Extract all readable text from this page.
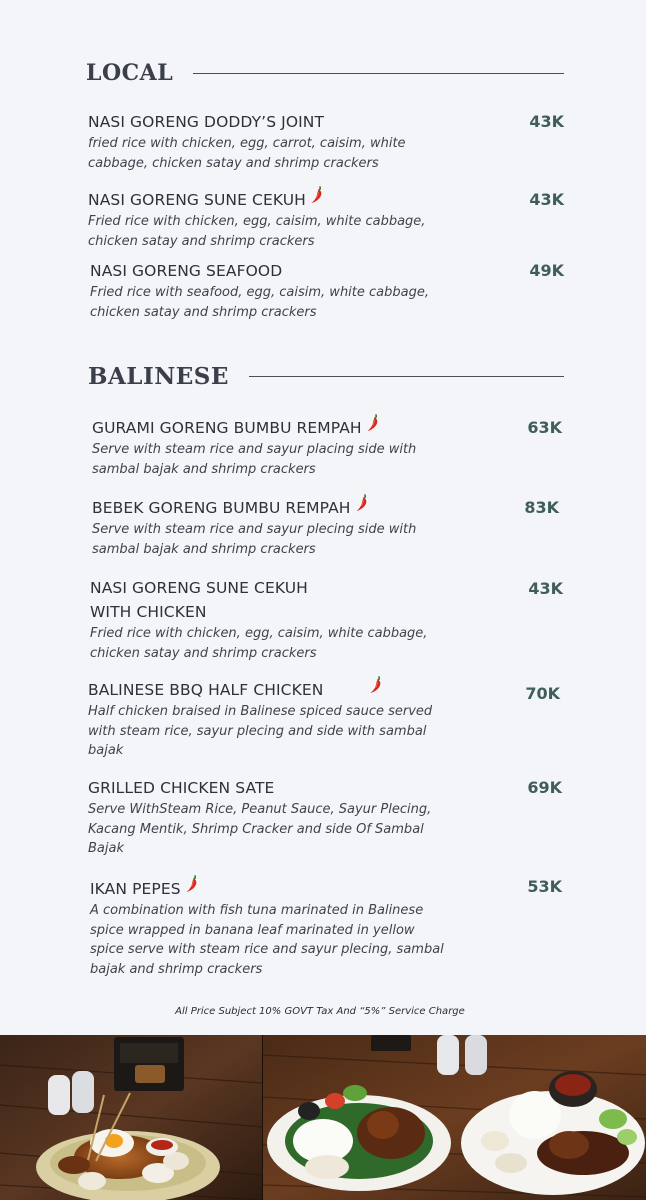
LOCAL
NASI GORENG DODDY’S JOINT
fried rice with chicken, egg, carrot, caisim, white cabbage, chicken satay and shrimp crackers
43K
NASI GORENG SUNE CEKUH
Fried rice with chicken, egg, caisim, white cabbage, chicken satay and shrimp crackers
43K
NASI GORENG SEAFOOD
Fried rice with seafood, egg, caisim, white cabbage, chicken satay and shrimp crackers
49K
BALINESE
GURAMI GORENG BUMBU REMPAH
Serve with steam rice and sayur placing side with sambal bajak and shrimp crackers
63K
BEBEK GORENG BUMBU REMPAH
Serve with steam rice and sayur plecing side with sambal bajak and shrimp crackers
83K
NASI GORENG SUNE CEKUH WITH CHICKEN
Fried rice with chicken, egg, caisim, white cabbage, chicken satay and shrimp crackers
43K
BALINESE BBQ HALF CHICKEN
Half chicken braised in Balinese spiced sauce served with steam rice, sayur plecing and side with sambal bajak
70K
GRILLED CHICKEN SATE
Serve WithSteam Rice, Peanut Sauce, Sayur Plecing, Kacang Mentik, Shrimp Cracker and side Of Sambal Bajak
69K
IKAN PEPES
A combination with fish tuna marinated in Balinese spice wrapped in banana leaf marinated in yellow spice serve with steam rice and sayur plecing, sambal bajak and shrimp crackers
53K
All Price Subject 10% GOVT Tax And “5%” Service Charge
